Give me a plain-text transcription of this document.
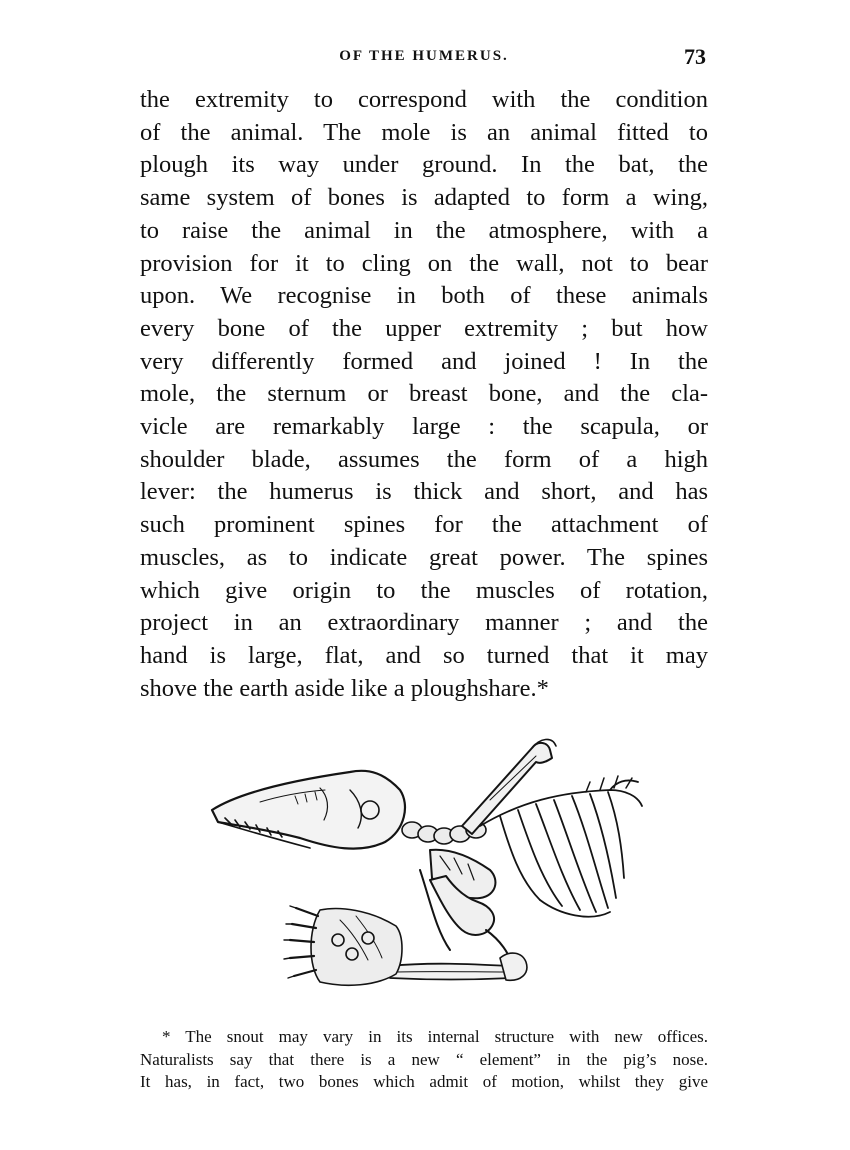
OF THE HUMERUS.	73
the extremity to correspond with the condition
of the animal. The mole is an animal fitted to
plough its way under ground. In the bat, the
same system of bones is adapted to form a wing,
to raise the animal in the atmosphere, with a
provision for it to cling on the wall, not to bear
upon. We recognise in both of these animals
every bone of the upper extremity ; but how
very differently formed and joined ! In the
mole, the sternum or breast bone, and the cla-
vicle are remarkably large : the scapula, or
shoulder blade, assumes the form of a high
lever: the humerus is thick and short, and has
such prominent spines for the attachment of
muscles, as to indicate great power. The spines
which give origin to the muscles of rotation,
project in an extraordinary manner ; and the
hand is large, flat, and so turned that it may
shove the earth aside like a ploughshare.*
* The snout may vary in its internal structure with new offices.
Naturalists say that there is a new “ element” in the pig’s nose.
It has, in fact, two bones which admit of motion, whilst they give
